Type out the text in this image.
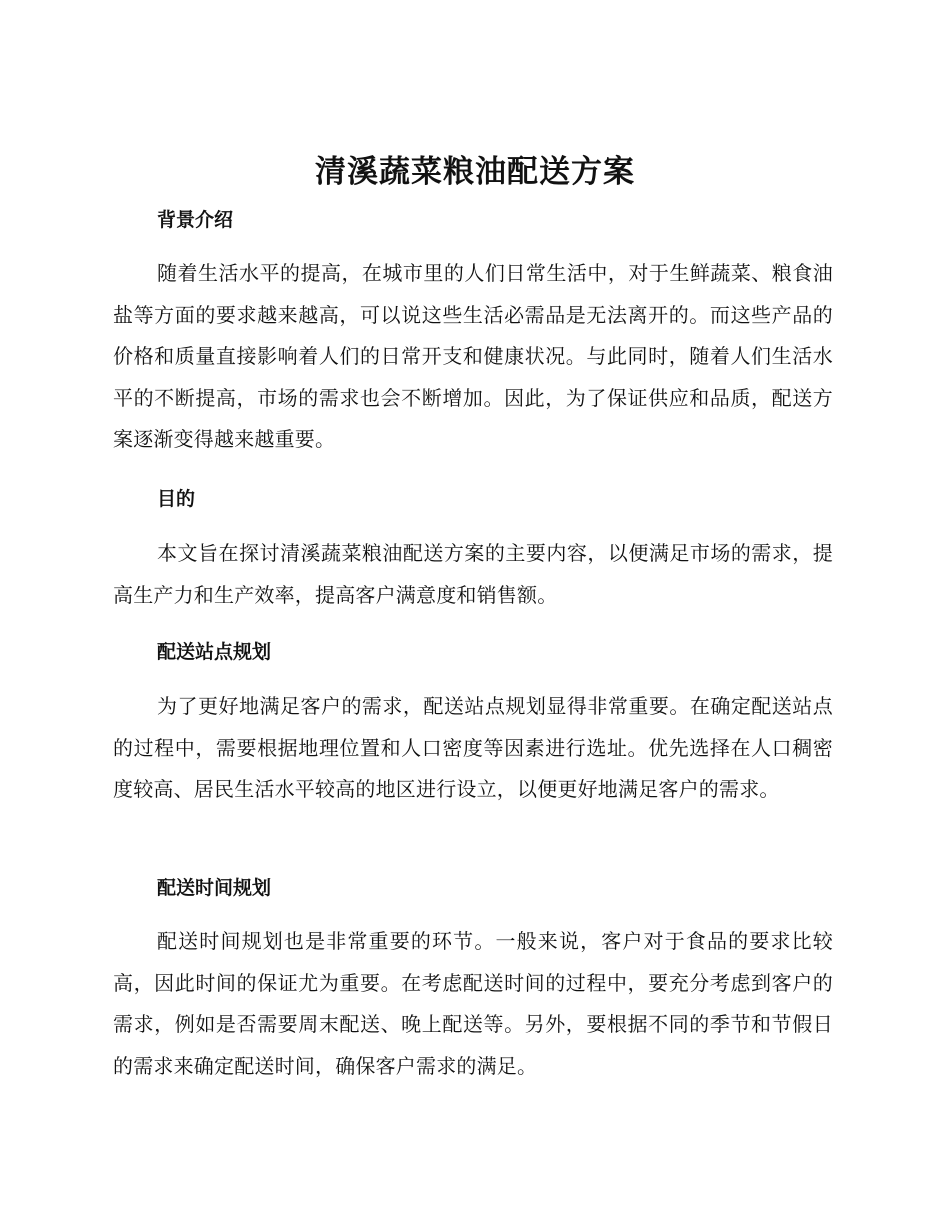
清溪蔬菜粮油配送方案
背景介绍

随着生活水平的提高，在城市里的人们日常生活中，对于生鲜蔬菜、粮食油盐等方面的要求越来越高，可以说这些生活必需品是无法离开的。而这些产品的价格和质量直接影响着人们的日常开支和健康状况。与此同时，随着人们生活水平的不断提高，市场的需求也会不断增加。因此，为了保证供应和品质，配送方案逐渐变得越来越重要。

目的

本文旨在探讨清溪蔬菜粮油配送方案的主要内容，以便满足市场的需求，提高生产力和生产效率，提高客户满意度和销售额。

配送站点规划

为了更好地满足客户的需求，配送站点规划显得非常重要。在确定配送站点的过程中，需要根据地理位置和人口密度等因素进行选址。优先选择在人口稠密度较高、居民生活水平较高的地区进行设立，以便更好地满足客户的需求。

配送时间规划

配送时间规划也是非常重要的环节。一般来说，客户对于食品的要求比较高，因此时间的保证尤为重要。在考虑配送时间的过程中，要充分考虑到客户的需求，例如是否需要周末配送、晚上配送等。另外，要根据不同的季节和节假日的需求来确定配送时间，确保客户需求的满足。
